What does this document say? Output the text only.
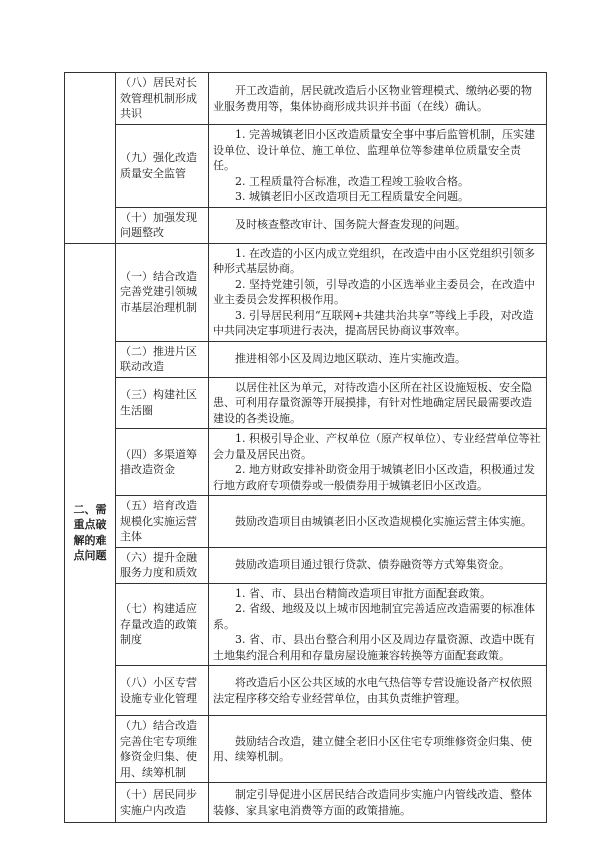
	（八）居民对长效管理机制形成共识	开工改造前，居民就改造后小区物业管理模式、缴纳必要的物业服务费用等，集体协商形成共识并书面（在线）确认。

	（九）强化改造质量安全监管	1. 完善城镇老旧小区改造质量安全事中事后监管机制，压实建设单位、设计单位、施工单位、监理单位等参建单位质量安全责任。

2. 工程质量符合标准，改造工程竣工验收合格。

3. 城镇老旧小区改造项目无工程质量安全问题。

	（十）加强发现问题整改	及时核查整改审计、国务院大督查发现的问题。

二、需重点破解的难点问题	（一）结合改造完善党建引领城市基层治理机制	1. 在改造的小区内成立党组织，在改造中由小区党组织引领多种形式基层协商。

2. 坚持党建引领，引导改造的小区选举业主委员会，在改造中业主委员会发挥积极作用。

3. 引导居民利用“互联网+共建共治共享”等线上手段，对改造中共同决定事项进行表决，提高居民协商议事效率。

	（二）推进片区联动改造	推进相邻小区及周边地区联动、连片实施改造。

	（三）构建社区生活圈	以居住社区为单元，对待改造小区所在社区设施短板、安全隐患、可利用存量资源等开展摸排，有针对性地确定居民最需要改造建设的各类设施。

	（四）多渠道筹措改造资金	1. 积极引导企业、产权单位（原产权单位）、专业经营单位等社会力量及居民出资。

2. 地方财政安排补助资金用于城镇老旧小区改造，积极通过发行地方政府专项债券或一般债券用于城镇老旧小区改造。

	（五）培育改造规模化实施运营主体	鼓励改造项目由城镇老旧小区改造规模化实施运营主体实施。

	（六）提升金融服务力度和质效	鼓励改造项目通过银行贷款、债券融资等方式筹集资金。

	（七）构建适应存量改造的政策制度	1. 省、市、县出台精简改造项目审批方面配套政策。

2. 省级、地级及以上城市因地制宜完善适应改造需要的标准体系。

3. 省、市、县出台整合利用小区及周边存量资源、改造中既有土地集约混合利用和存量房屋设施兼容转换等方面配套政策。

	（八）小区专营设施专业化管理	将改造后小区公共区域的水电气热信等专营设施设备产权依照法定程序移交给专业经营单位，由其负责维护管理。

	（九）结合改造完善住宅专项维修资金归集、使用、续筹机制	鼓励结合改造，建立健全老旧小区住宅专项维修资金归集、使用、续筹机制。

	（十）居民同步实施户内改造	制定引导促进小区居民结合改造同步实施户内管线改造、整体装修、家具家电消费等方面的政策措施。
